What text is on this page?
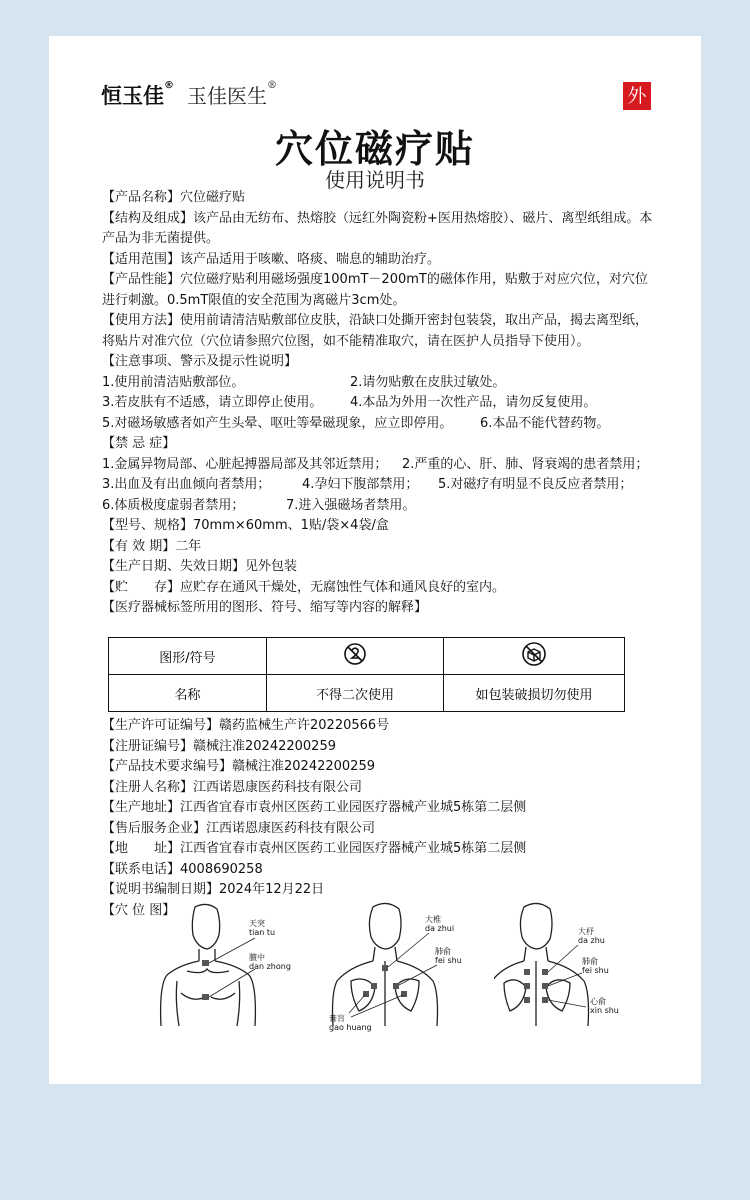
恒玉佳® 玉佳医生®	外
穴位磁疗贴
使用说明书
【产品名称】穴位磁疗贴
【结构及组成】该产品由无纺布、热熔胶（远红外陶瓷粉+医用热熔胶）、磁片、离型纸组成。本产品为非无菌提供。
【适用范围】该产品适用于咳嗽、咯痰、喘息的辅助治疗。
【产品性能】穴位磁疗贴利用磁场强度100mT－200mT的磁体作用，贴敷于对应穴位，对穴位进行刺激。0.5mT限值的安全范围为离磁片3cm处。
【使用方法】使用前请清洁贴敷部位皮肤，沿缺口处撕开密封包装袋，取出产品，揭去离型纸，将贴片对准穴位（穴位请参照穴位图，如不能精准取穴，请在医护人员指导下使用）。
【注意事项、警示及提示性说明】
1.使用前清洁贴敷部位。	2.请勿贴敷在皮肤过敏处。
3.若皮肤有不适感，请立即停止使用。 4.本品为外用一次性产品，请勿反复使用。
5.对磁场敏感者如产生头晕、呕吐等晕磁现象，应立即停用。 6.本品不能代替药物。
【禁 忌 症】
1.金属异物局部、心脏起搏器局部及其邻近禁用； 2.严重的心、肝、肺、肾衰竭的患者禁用；
3.出血及有出血倾向者禁用； 4.孕妇下腹部禁用； 5.对磁疗有明显不良反应者禁用；
6.体质极度虚弱者禁用；	7.进入强磁场者禁用。
【型号、规格】70mm×60mm、1贴/袋×4袋/盒
【有 效 期】二年
【生产日期、失效日期】见外包装
【贮　　存】应贮存在通风干燥处，无腐蚀性气体和通风良好的室内。
【医疗器械标签所用的图形、符号、缩写等内容的解释】
图形/符号		
名称	不得二次使用	如包装破损切勿使用
【生产许可证编号】赣药监械生产许20220566号
【注册证编号】赣械注准20242200259
【产品技术要求编号】赣械注准20242200259
【注册人名称】江西诺恩康医药科技有限公司
【生产地址】江西省宜春市袁州区医药工业园医疗器械产业城5栋第二层侧
【售后服务企业】江西诺恩康医药科技有限公司
【地　　址】江西省宜春市袁州区医药工业园医疗器械产业城5栋第二层侧
【联系电话】4008690258
【说明书编制日期】2024年12月22日
【穴 位 图】
天突
tian tu
膻中
dan zhong
大椎
da zhui
肺俞
fei shu
膏肓
gao huang
大杼
da zhu
肺俞
fei shu
心俞
xin shu
